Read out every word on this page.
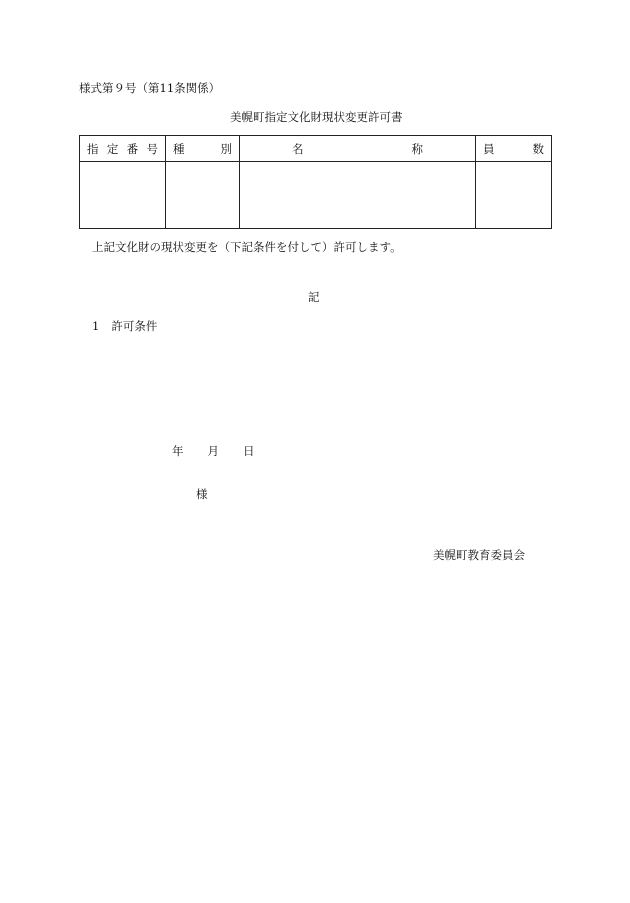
様式第９号（第11条関係）
美幌町指定文化財現状変更許可書
指 定 番 号	種 別	名 称	員 数

上記文化財の現状変更を（下記条件を付して）許可します。
記
1 許可条件
年 月 日
様
美幌町教育委員会
